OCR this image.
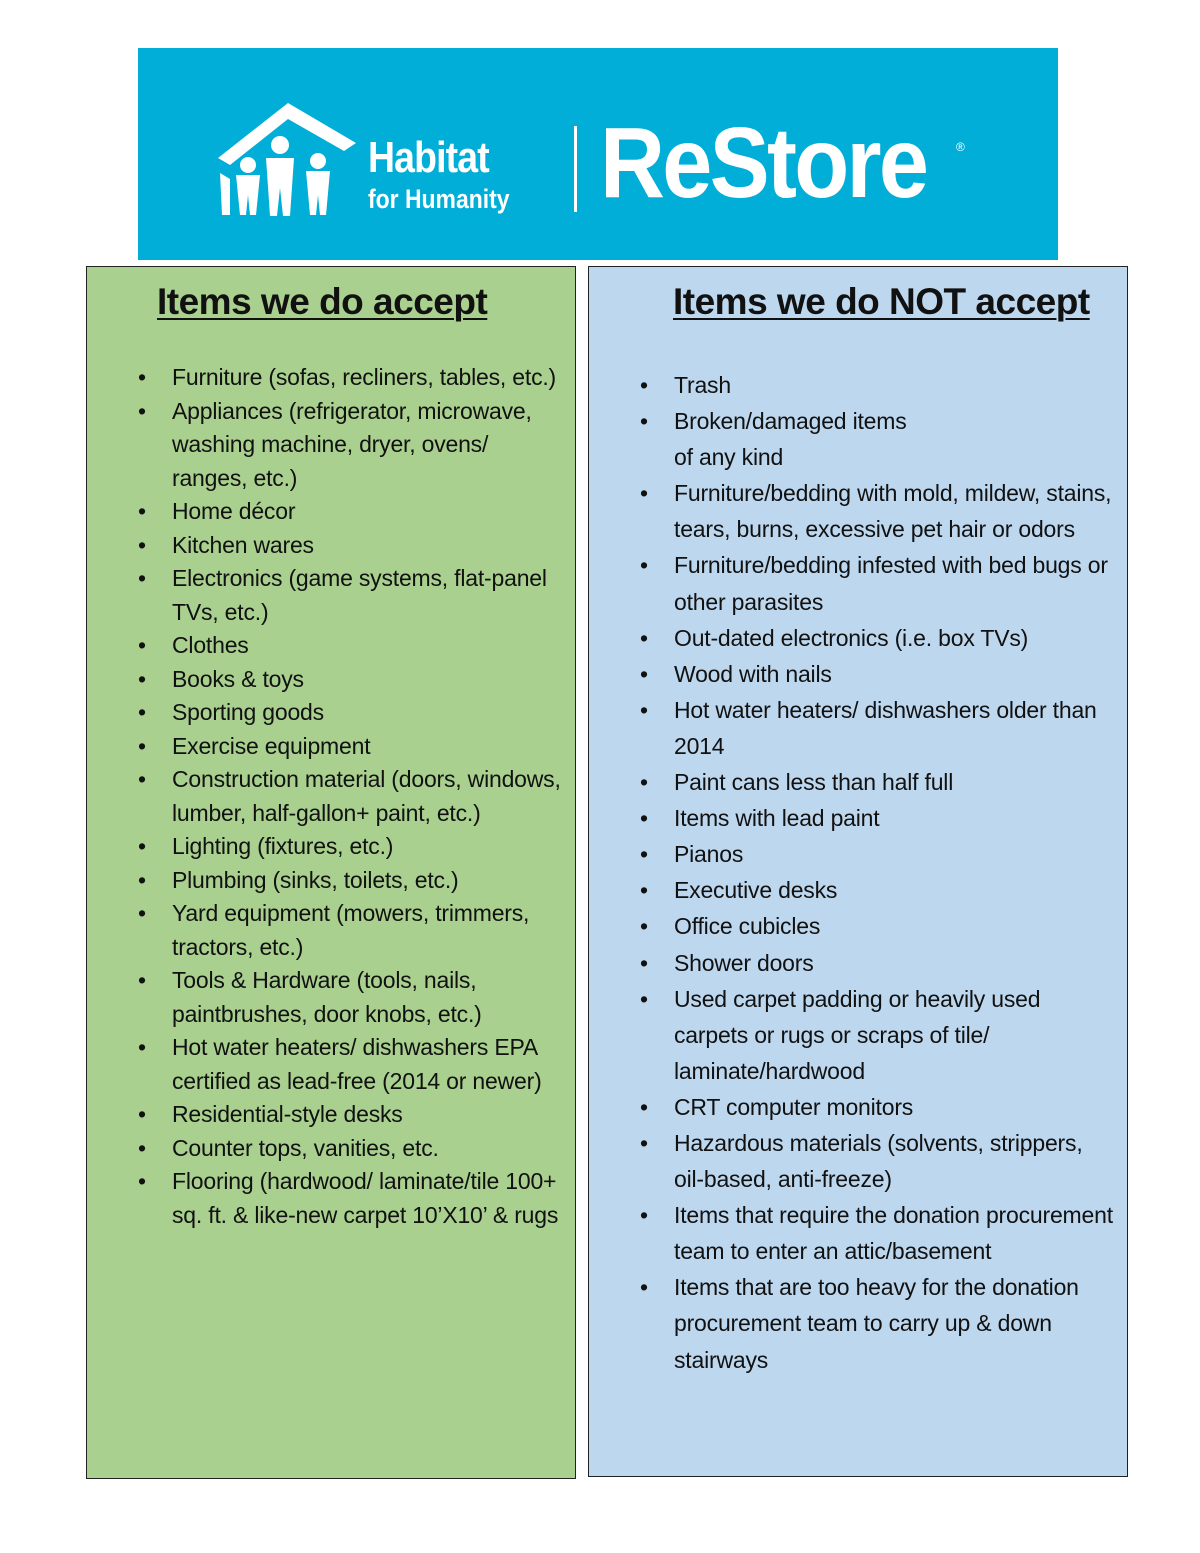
Habitat
for Humanity ReStore ®
Items we do accept
• Furniture (sofas, recliners, tables, etc.)
• Appliances (refrigerator, microwave, washing machine, dryer, ovens/ ranges, etc.)
• Home décor
• Kitchen wares
• Electronics (game systems, flat-panel TVs, etc.)
• Clothes
• Books & toys
• Sporting goods
• Exercise equipment
• Construction material (doors, windows, lumber, half-gallon+ paint, etc.)
• Lighting (fixtures, etc.)
• Plumbing (sinks, toilets, etc.)
• Yard equipment (mowers, trimmers, tractors, etc.)
• Tools & Hardware (tools, nails, paintbrushes, door knobs, etc.)
• Hot water heaters/ dishwashers EPA certified as lead-free (2014 or newer)
• Residential-style desks
• Counter tops, vanities, etc.
• Flooring (hardwood/ laminate/tile 100+ sq. ft. & like-new carpet 10’X10’ & rugs
Items we do NOT accept
• Trash
• Broken/damaged items
of any kind
• Furniture/bedding with mold, mildew, stains, tears, burns, excessive pet hair or odors
• Furniture/bedding infested with bed bugs or other parasites
• Out-dated electronics (i.e. box TVs)
• Wood with nails
• Hot water heaters/ dishwashers older than 2014
• Paint cans less than half full
• Items with lead paint
• Pianos
• Executive desks
• Office cubicles
• Shower doors
• Used carpet padding or heavily used carpets or rugs or scraps of tile/ laminate/hardwood
• CRT computer monitors
• Hazardous materials (solvents, strippers, oil-based, anti-freeze)
• Items that require the donation procurement team to enter an attic/basement
• Items that are too heavy for the donation procurement team to carry up & down stairways
